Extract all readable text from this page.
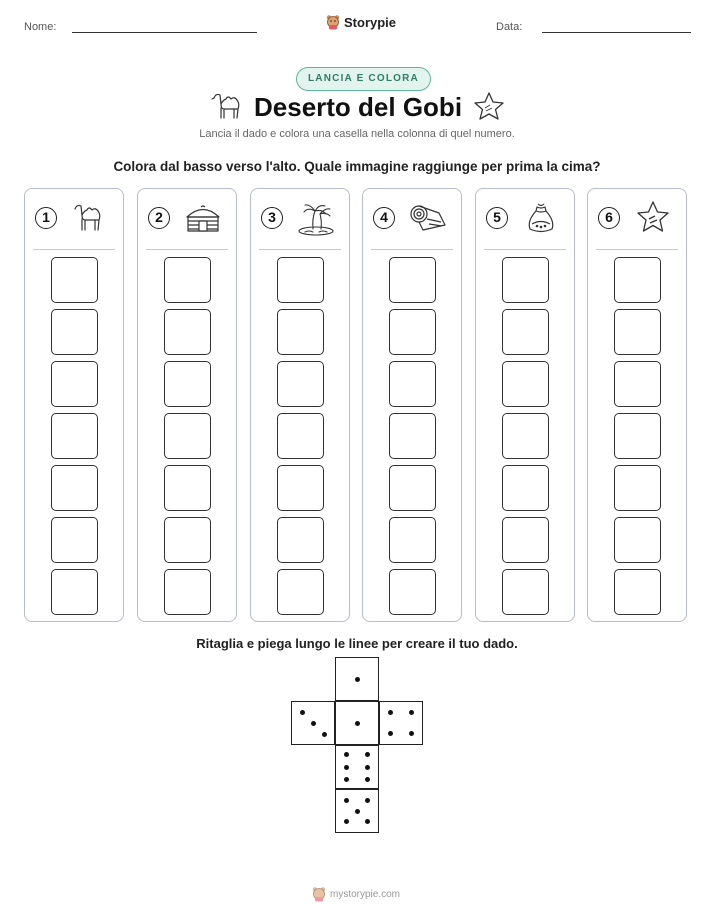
Nome:	Storypie	Data:
LANCIA E COLORA
Deserto del Gobi
Lancia il dado e colora una casella nella colonna di quel numero.
Colora dal basso verso l'alto. Quale immagine raggiunge per prima la cima?
1	2	3	4	5	6
Ritaglia e piega lungo le linee per creare il tuo dado.
mystorypie.com
